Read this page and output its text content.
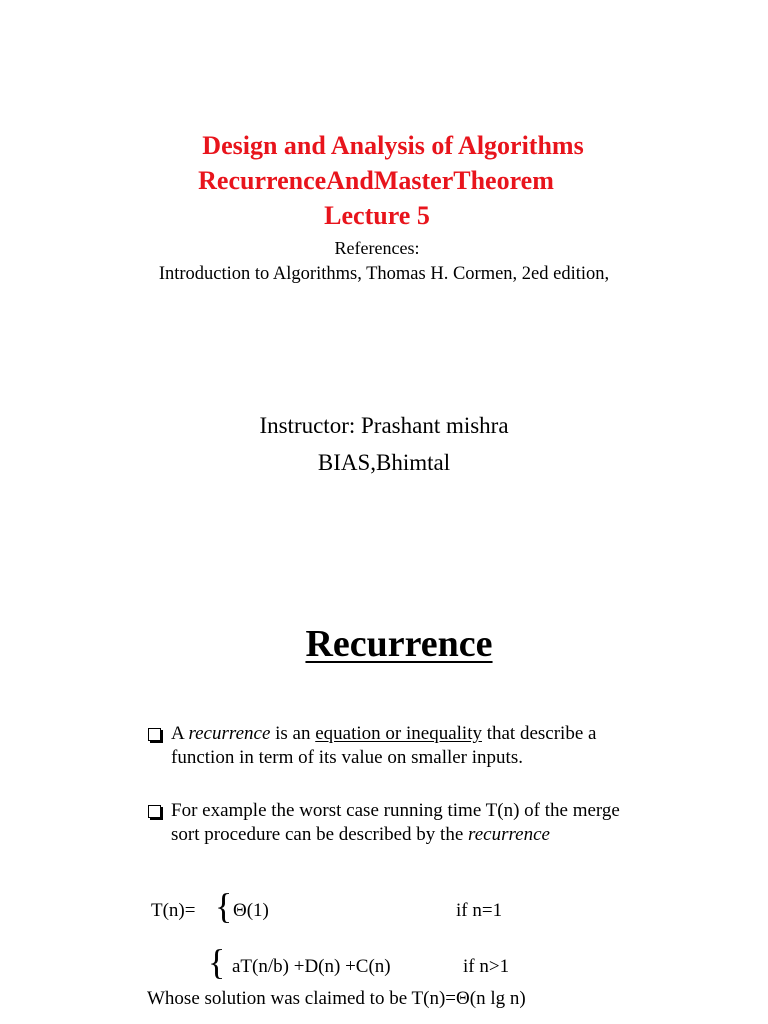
Design and Analysis of Algorithms
RecurrenceAndMasterTheorem
Lecture 5
References:
Introduction to Algorithms, Thomas H. Cormen, 2ed edition,
Instructor: Prashant mishra
BIAS,Bhimtal
Recurrence
A recurrence is an equation or inequality that describe a function in term of its value on smaller inputs.
For example the worst case running time T(n) of the merge sort procedure can be described by the recurrence
T(n)= { Θ(1)	if n=1
{ aT(n/b) +D(n) +C(n)	if n>1
Whose solution was claimed to be T(n)=Θ(n lg n)
